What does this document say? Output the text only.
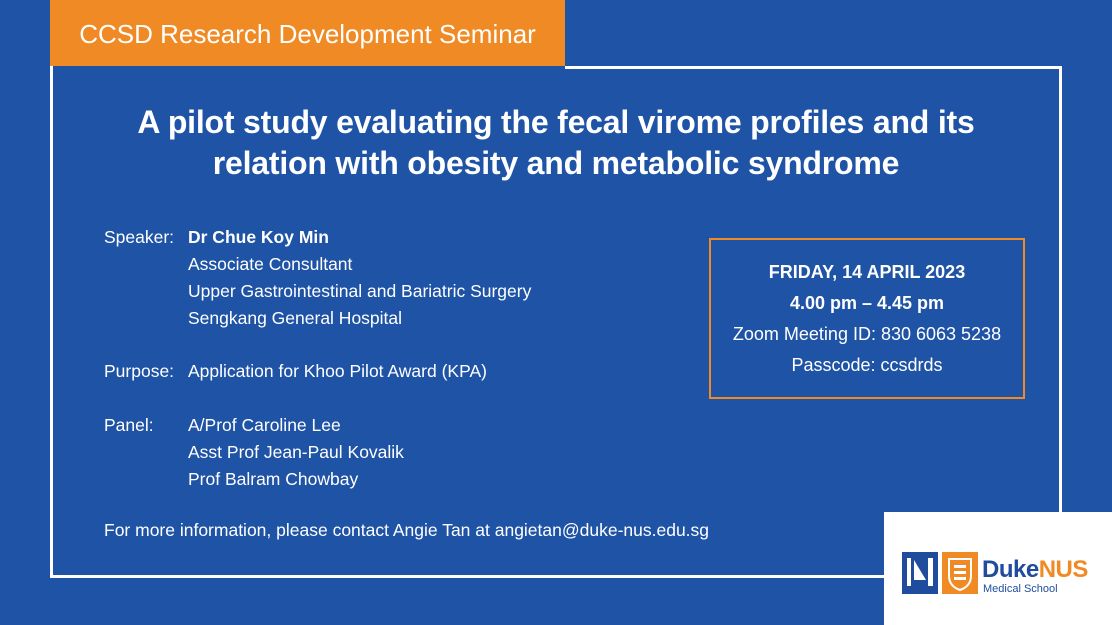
CCSD Research Development Seminar
A pilot study evaluating the fecal virome profiles and its
relation with obesity and metabolic syndrome
Speaker: Dr Chue Koy Min
Associate Consultant
Upper Gastrointestinal and Bariatric Surgery
Sengkang General Hospital
Purpose: Application for Khoo Pilot Award (KPA)
Panel: A/Prof Caroline Lee
Asst Prof Jean-Paul Kovalik
Prof Balram Chowbay
For more information, please contact Angie Tan at angietan@duke-nus.edu.sg
FRIDAY, 14 APRIL 2023
4.00 pm – 4.45 pm
Zoom Meeting ID: 830 6063 5238
Passcode: ccsdrds
DukeNUS
Medical School
